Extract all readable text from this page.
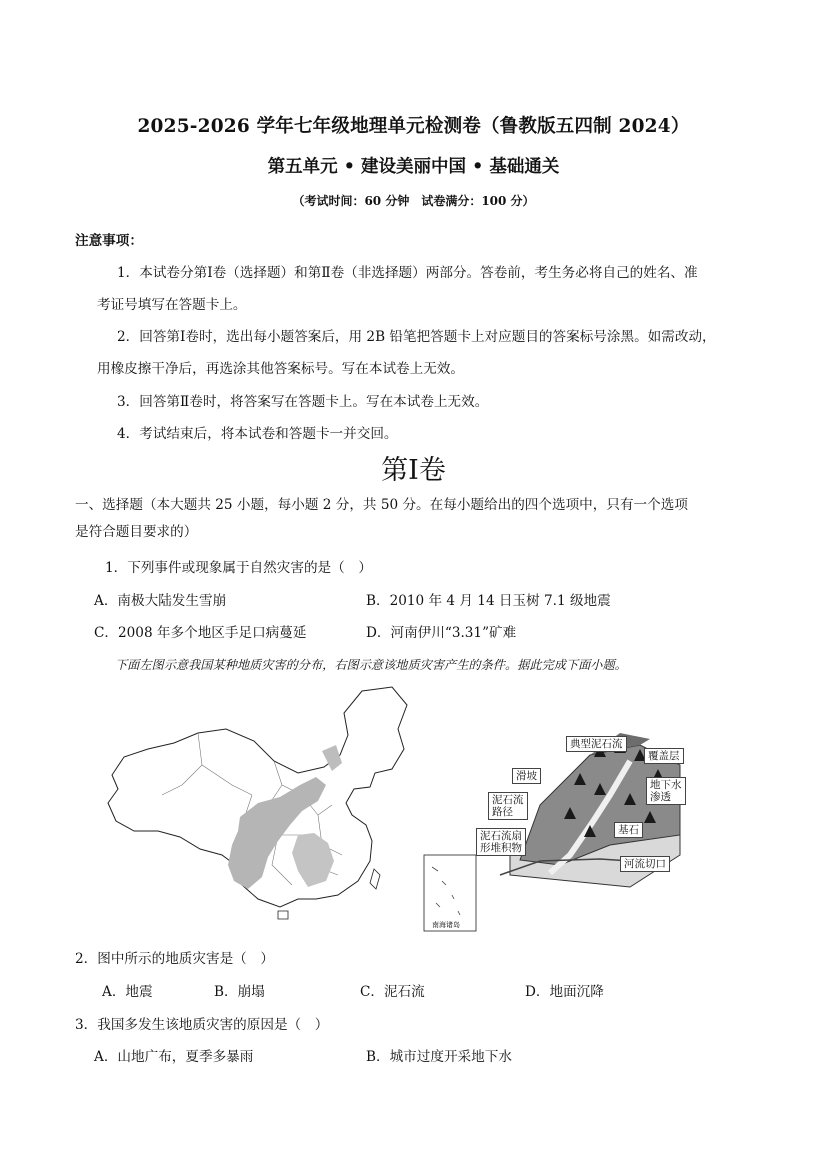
2025-2026 学年七年级地理单元检测卷（鲁教版五四制 2024）
第五单元 • 建设美丽中国 • 基础通关
（考试时间：60 分钟　试卷满分：100 分）
注意事项：
1．本试卷分第Ⅰ卷（选择题）和第Ⅱ卷（非选择题）两部分。答卷前，考生务必将自己的姓名、准
考证号填写在答题卡上。
2．回答第Ⅰ卷时，选出每小题答案后，用 2B 铅笔把答题卡上对应题目的答案标号涂黑。如需改动，
用橡皮擦干净后，再选涂其他答案标号。写在本试卷上无效。
3．回答第Ⅱ卷时，将答案写在答题卡上。写在本试卷上无效。
4．考试结束后，将本试卷和答题卡一并交回。
第Ⅰ卷
一、选择题（本大题共 25 小题，每小题 2 分，共 50 分。在每小题给出的四个选项中，只有一个选项
是符合题目要求的）
1．下列事件或现象属于自然灾害的是（　）
A．南极大陆发生雪崩	B．2010 年 4 月 14 日玉树 7.1 级地震
C．2008 年多个地区手足口病蔓延	D．河南伊川“3.31”矿难
下面左图示意我国某种地质灾害的分布，右图示意该地质灾害产生的条件。据此完成下面小题。
南海诸岛
典型泥石流
覆盖层
滑坡
地下水
渗透
泥石流
路径
基石
泥石流扇
形堆积物
河流切口
2．图中所示的地质灾害是（　）
A．地震	B．崩塌	C．泥石流	D．地面沉降
3．我国多发生该地质灾害的原因是（　）
A．山地广布，夏季多暴雨	B．城市过度开采地下水
